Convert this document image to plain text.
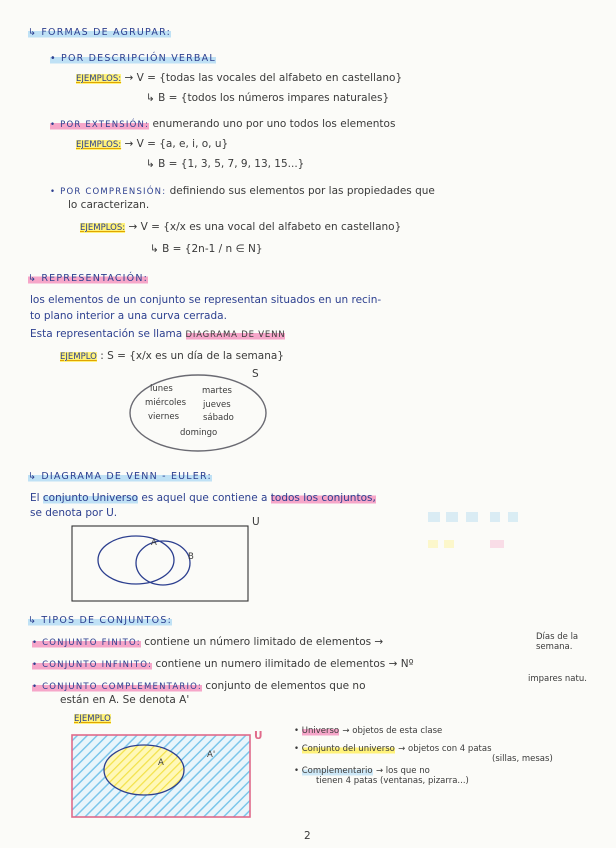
↳ FORMAS DE AGRUPAR:
• POR DESCRIPCIÓN VERBAL
EJEMPLOS: → V = {todas las vocales del alfabeto en castellano}
↳ B = {todos los números impares naturales}
• POR EXTENSIÓN: enumerando uno por uno todos los elementos
EJEMPLOS: → V = {a, e, i, o, u}
↳ B = {1, 3, 5, 7, 9, 13, 15...}
• POR COMPRENSIÓN: definiendo sus elementos por las propiedades que
lo caracterizan.
EJEMPLOS: → V = {x/x es una vocal del alfabeto en castellano}
↳ B = {2n-1 / n ∈ N}
↳ REPRESENTACIÓN:
los elementos de un conjunto se representan situados en un recin-
to plano interior a una curva cerrada.
Esta representación se llama DIAGRAMA DE VENN
EJEMPLO : S = {x/x es un día de la semana}
S
lunes	martes
miércoles jueves
viernes	sábado
domingo
↳ DIAGRAMA DE VENN - EULER:
El conjunto Universo es aquel que contiene a todos los conjuntos,
se denota por U.
U
A
B
↳ TIPOS DE CONJUNTOS:
• CONJUNTO FINITO: contiene un número limitado de elementos →	Días de la semana.
• CONJUNTO INFINITO: contiene un numero ilimitado de elementos → Nº
impares natu.
• CONJUNTO COMPLEMENTARIO: conjunto de elementos que no
están en A. Se denota A'
EJEMPLO
A
A'
U	• Universo → objetos de esta clase
• Conjunto del universo → objetos con 4 patas
(sillas, mesas)
• Complementario → los que no
tienen 4 patas (ventanas, pizarra...)
2
